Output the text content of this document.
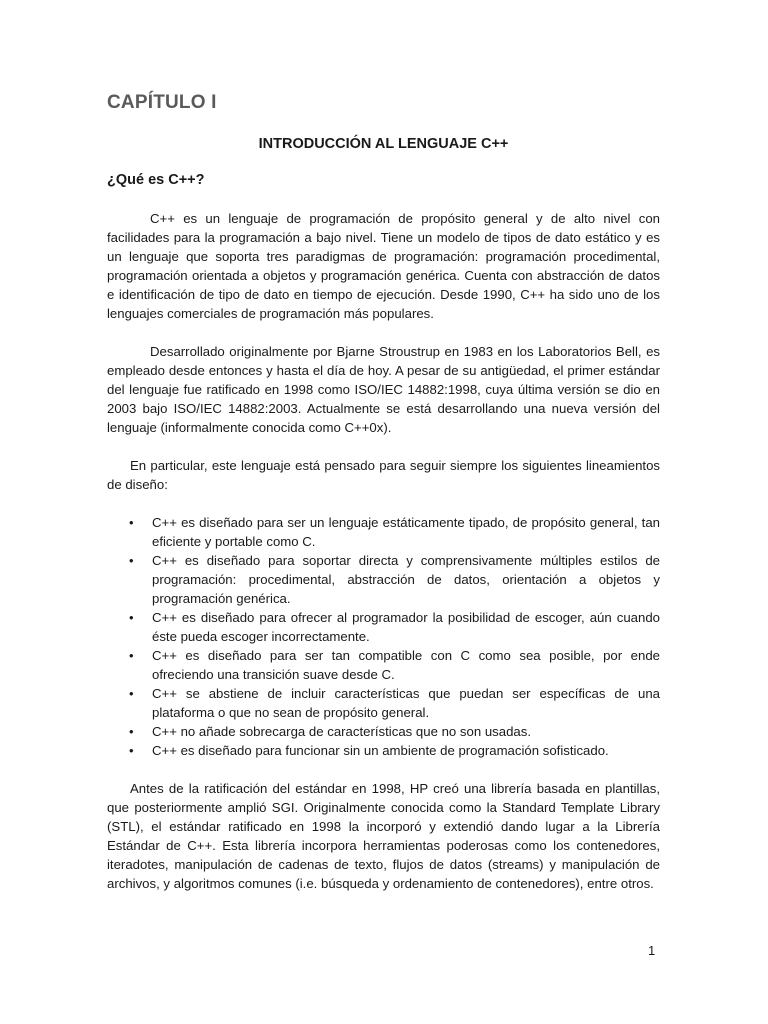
CAPÍTULO I
INTRODUCCIÓN AL LENGUAJE C++
¿Qué es C++?

C++ es un lenguaje de programación de propósito general y de alto nivel con facilidades para la programación a bajo nivel. Tiene un modelo de tipos de dato estático y es un lenguaje que soporta tres paradigmas de programación: programación procedimental, programación orientada a objetos y programación genérica. Cuenta con abstracción de datos e identificación de tipo de dato en tiempo de ejecución. Desde 1990, C++ ha sido uno de los lenguajes comerciales de programación más populares.

Desarrollado originalmente por Bjarne Stroustrup en 1983 en los Laboratorios Bell, es empleado desde entonces y hasta el día de hoy. A pesar de su antigüedad, el primer estándar del lenguaje fue ratificado en 1998 como ISO/IEC 14882:1998, cuya última versión se dio en 2003 bajo ISO/IEC 14882:2003. Actualmente se está desarrollando una nueva versión del lenguaje (informalmente conocida como C++0x).

En particular, este lenguaje está pensado para seguir siempre los siguientes lineamientos de diseño:

• C++ es diseñado para ser un lenguaje estáticamente tipado, de propósito general, tan eficiente y portable como C.
• C++ es diseñado para soportar directa y comprensivamente múltiples estilos de programación: procedimental, abstracción de datos, orientación a objetos y programación genérica.
• C++ es diseñado para ofrecer al programador la posibilidad de escoger, aún cuando éste pueda escoger incorrectamente.
• C++ es diseñado para ser tan compatible con C como sea posible, por ende ofreciendo una transición suave desde C.
• C++ se abstiene de incluir características que puedan ser específicas de una plataforma o que no sean de propósito general.
• C++ no añade sobrecarga de características que no son usadas.
• C++ es diseñado para funcionar sin un ambiente de programación sofisticado.

Antes de la ratificación del estándar en 1998, HP creó una librería basada en plantillas, que posteriormente amplió SGI. Originalmente conocida como la Standard Template Library (STL), el estándar ratificado en 1998 la incorporó y extendió dando lugar a la Librería Estándar de C++. Esta librería incorpora herramientas poderosas como los contenedores, iteradotes, manipulación de cadenas de texto, flujos de datos (streams) y manipulación de archivos, y algoritmos comunes (i.e. búsqueda y ordenamiento de contenedores), entre otros.

1
